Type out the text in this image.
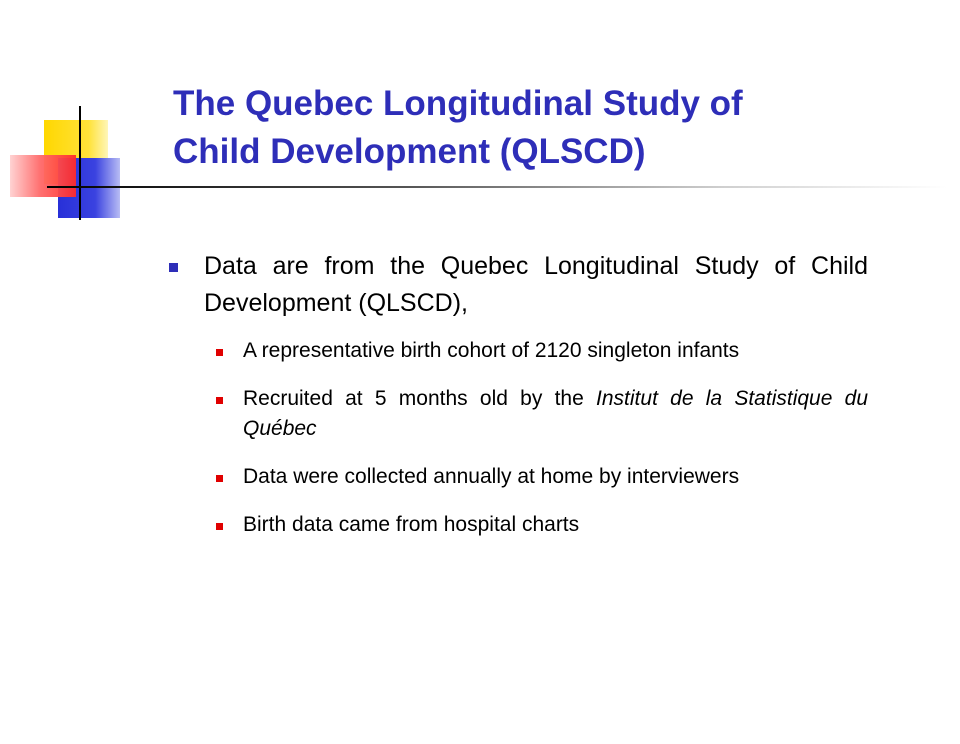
The Quebec Longitudinal Study of
Child Development (QLSCD)
Data are from the Quebec Longitudinal Study of Child Development (QLSCD),
A representative birth cohort of 2120 singleton infants
Recruited at 5 months old by the Institut de la Statistique du Québec
Data were collected annually at home by interviewers
Birth data came from hospital charts
